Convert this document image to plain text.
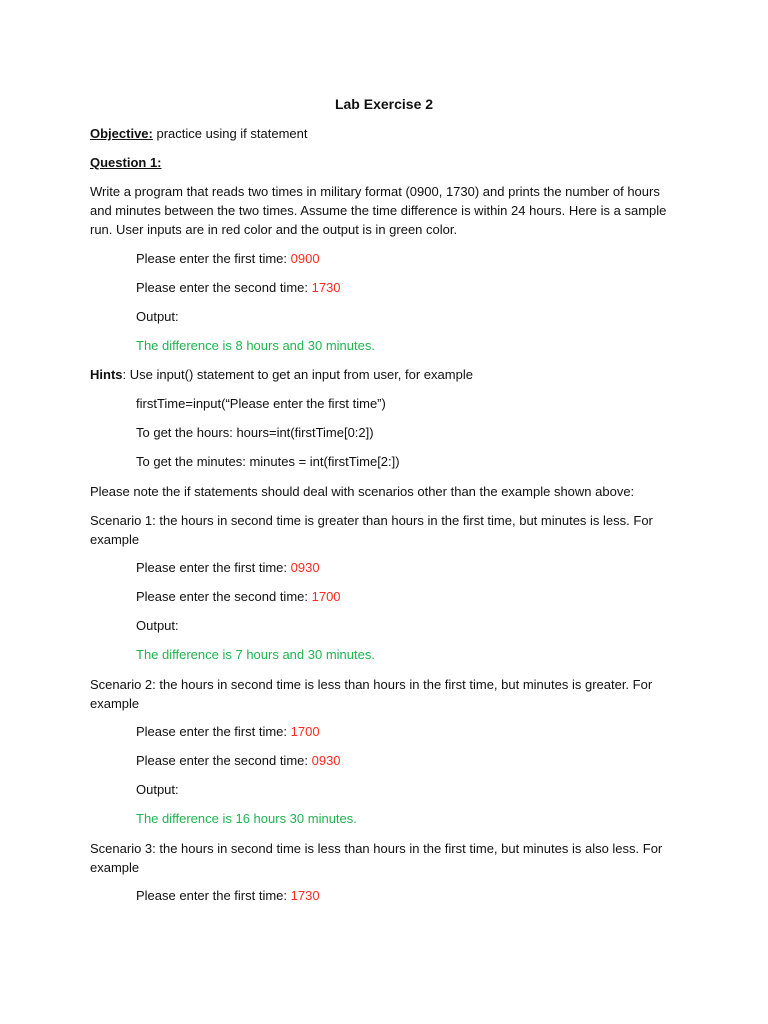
Lab Exercise 2
Objective: practice using if statement
Question 1:
Write a program that reads two times in military format (0900, 1730) and prints the number of hours
and minutes between the two times. Assume the time difference is within 24 hours. Here is a sample
run. User inputs are in red color and the output is in green color.
Please enter the first time: 0900
Please enter the second time: 1730
Output:
The difference is 8 hours and 30 minutes.
Hints: Use input() statement to get an input from user, for example
firstTime=input(“Please enter the first time”)
To get the hours: hours=int(firstTime[0:2])
To get the minutes: minutes = int(firstTime[2:])
Please note the if statements should deal with scenarios other than the example shown above:
Scenario 1: the hours in second time is greater than hours in the first time, but minutes is less. For
example
Please enter the first time: 0930
Please enter the second time: 1700
Output:
The difference is 7 hours and 30 minutes.
Scenario 2: the hours in second time is less than hours in the first time, but minutes is greater. For
example
Please enter the first time: 1700
Please enter the second time: 0930
Output:
The difference is 16 hours 30 minutes.
Scenario 3: the hours in second time is less than hours in the first time, but minutes is also less. For
example
Please enter the first time: 1730
